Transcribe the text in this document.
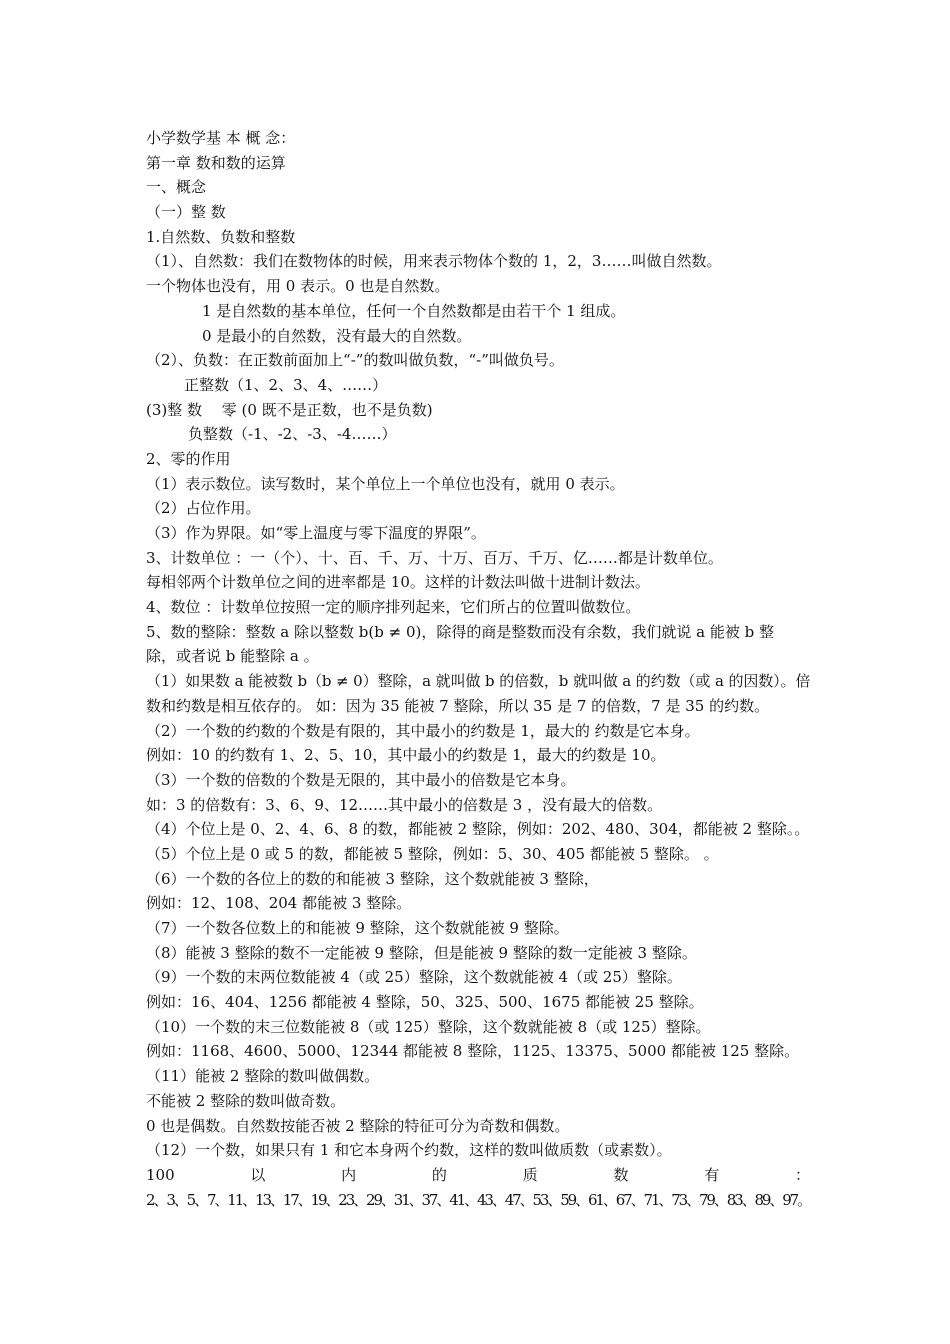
小学数学基 本 概 念：
第一章 数和数的运算
一、概念
（一）整 数
1.自然数、负数和整数
（1）、自然数：我们在数物体的时候，用来表示物体个数的 1，2，3……叫做自然数。
一个物体也没有，用 0 表示。0 也是自然数。
1 是自然数的基本单位，任何一个自然数都是由若干个 1 组成。
0 是最小的自然数，没有最大的自然数。
（2）、负数：在正数前面加上“-”的数叫做负数，“-”叫做负号。
正整数（1、2、3、4、……）
(3)整 数 　零 (0 既不是正数，也不是负数)
负整数（-1、-2、-3、-4……）
2、零的作用
（1）表示数位。读写数时，某个单位上一个单位也没有，就用 0 表示。
（2）占位作用。
（3）作为界限。如“零上温度与零下温度的界限”。
3、计数单位 ：一（个）、十、百、千、万、十万、百万、千万、亿……都是计数单位。
每相邻两个计数单位之间的进率都是 10。这样的计数法叫做十进制计数法。
4、数位 ：计数单位按照一定的顺序排列起来，它们所占的位置叫做数位。
5、数的整除：整数 a 除以整数 b(b ≠ 0)，除得的商是整数而没有余数，我们就说 a 能被 b 整
除，或者说 b 能整除 a 。
（1）如果数 a 能被数 b（b ≠ 0）整除，a 就叫做 b 的倍数，b 就叫做 a 的约数（或 a 的因数）。倍
数和约数是相互依存的。 如：因为 35 能被 7 整除，所以 35 是 7 的倍数，7 是 35 的约数。
（2）一个数的约数的个数是有限的，其中最小的约数是 1，最大的 约数是它本身。
例如：10 的约数有 1、2、5、10，其中最小的约数是 1，最大的约数是 10。
（3）一个数的倍数的个数是无限的，其中最小的倍数是它本身。
如：3 的倍数有：3、6、9、12……其中最小的倍数是 3 ，没有最大的倍数。
（4）个位上是 0、2、4、6、8 的数，都能被 2 整除，例如：202、480、304，都能被 2 整除。。
（5）个位上是 0 或 5 的数，都能被 5 整除，例如：5、30、405 都能被 5 整除。 。
（6）一个数的各位上的数的和能被 3 整除，这个数就能被 3 整除，
例如：12、108、204 都能被 3 整除。
（7）一个数各位数上的和能被 9 整除，这个数就能被 9 整除。
（8）能被 3 整除的数不一定能被 9 整除，但是能被 9 整除的数一定能被 3 整除。
（9）一个数的末两位数能被 4（或 25）整除，这个数就能被 4（或 25）整除。
例如：16、404、1256 都能被 4 整除，50、325、500、1675 都能被 25 整除。
（10）一个数的末三位数能被 8（或 125）整除，这个数就能被 8（或 125）整除。
例如：1168、4600、5000、12344 都能被 8 整除，1125、13375、5000 都能被 125 整除。
（11）能被 2 整除的数叫做偶数。
不能被 2 整除的数叫做奇数。
0 也是偶数。自然数按能否被 2 整除的特征可分为奇数和偶数。
（12）一个数，如果只有 1 和它本身两个约数，这样的数叫做质数（或素数）。
100	以	内	的	质	数	有	：
2、3、5、7、11、13、17、19、23、29、31、37、41、43、47、53、59、61、67、71、73、79、83、89、97。
